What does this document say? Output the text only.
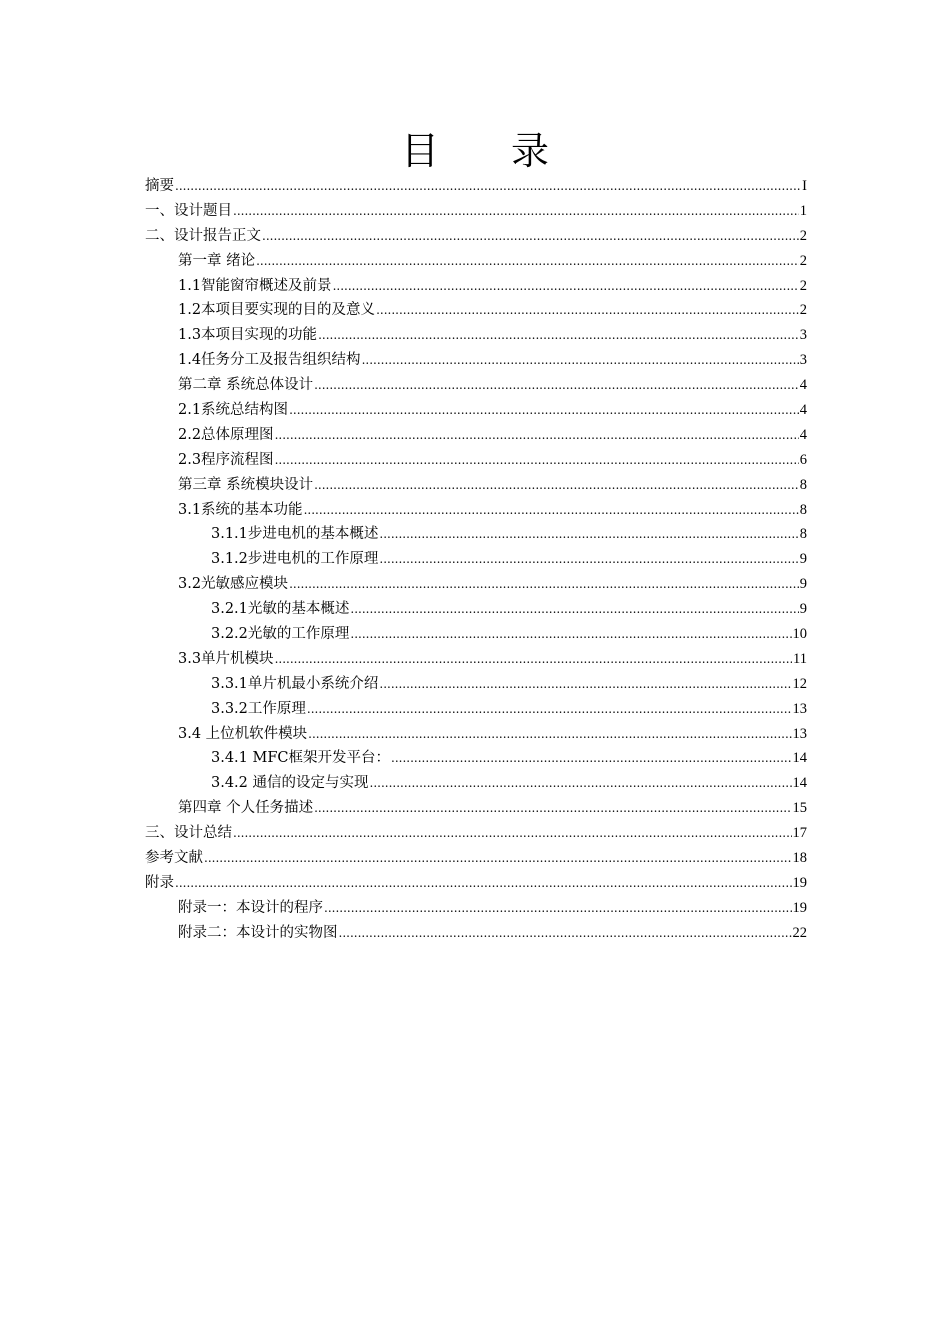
目 录
摘要 .....	I
一、设计题目 .....	1
二、设计报告正文 .....	2
第一章 绪论 .....	2
1.1智能窗帘概述及前景 .....	2
1.2本项目要实现的目的及意义 .....	2
1.3本项目实现的功能 .....	3
1.4任务分工及报告组织结构 .....	3
第二章 系统总体设计 .....	4
2.1系统总结构图 .....	4
2.2总体原理图 .....	4
2.3程序流程图 .....	6
第三章 系统模块设计 .....	8
3.1系统的基本功能 .....	8
3.1.1步进电机的基本概述 .....	8
3.1.2步进电机的工作原理 .....	9
3.2光敏感应模块 .....	9
3.2.1光敏的基本概述 .....	9
3.2.2光敏的工作原理 .....	10
3.3单片机模块 .....	11
3.3.1单片机最小系统介绍 .....	12
3.3.2工作原理 .....	13
3.4 上位机软件模块 .....	13
3.4.1 MFC框架开发平台： .....	14
3.4.2 通信的设定与实现 .....	14
第四章 个人任务描述 .....	15
三、设计总结 .....	17
参考文献 .....	18
附录 .....	19
附录一：本设计的程序 .....	19
附录二：本设计的实物图 .....	22
